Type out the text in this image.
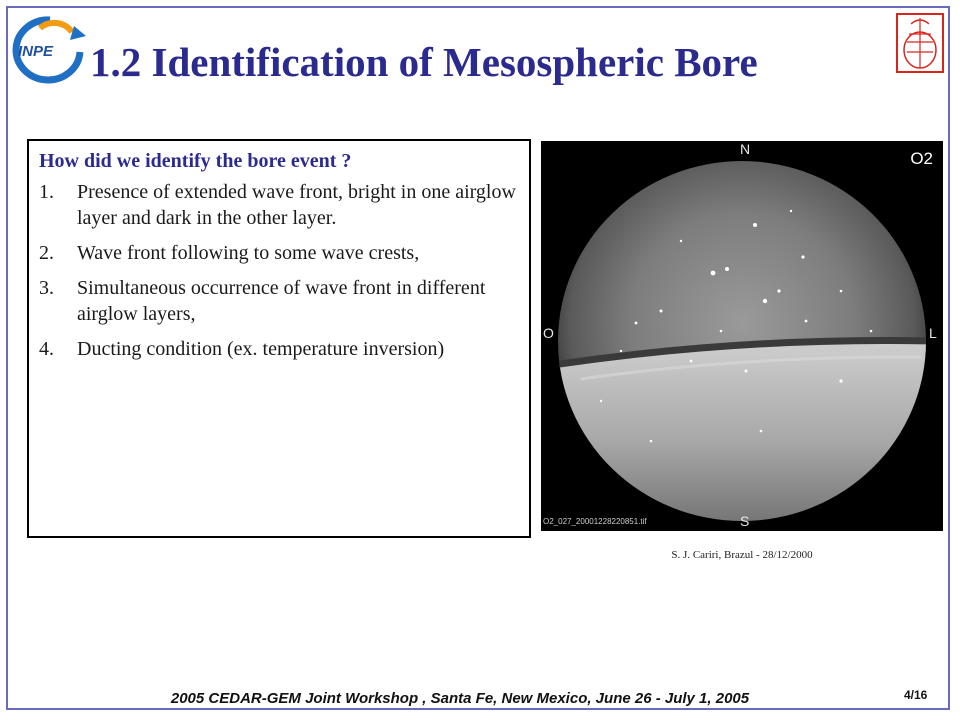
INPE 1.2 Identification of Mesospheric Bore

How did we identify the bore event ?

1.	Presence of extended wave front, bright in one airglow layer and dark in the other layer.
2.	Wave front following to some wave crests,
3.	Simultaneous occurrence of wave front in different airglow layers,
4.	Ducting condition (ex. temperature inversion)
N
O	L
S
O2
O2_027_20001228220851.tif
S. J. Cariri, Brazul - 28/12/2000
2005 CEDAR-GEM Joint Workshop , Santa Fe, New Mexico, June 26 - July 1, 2005	4/16
